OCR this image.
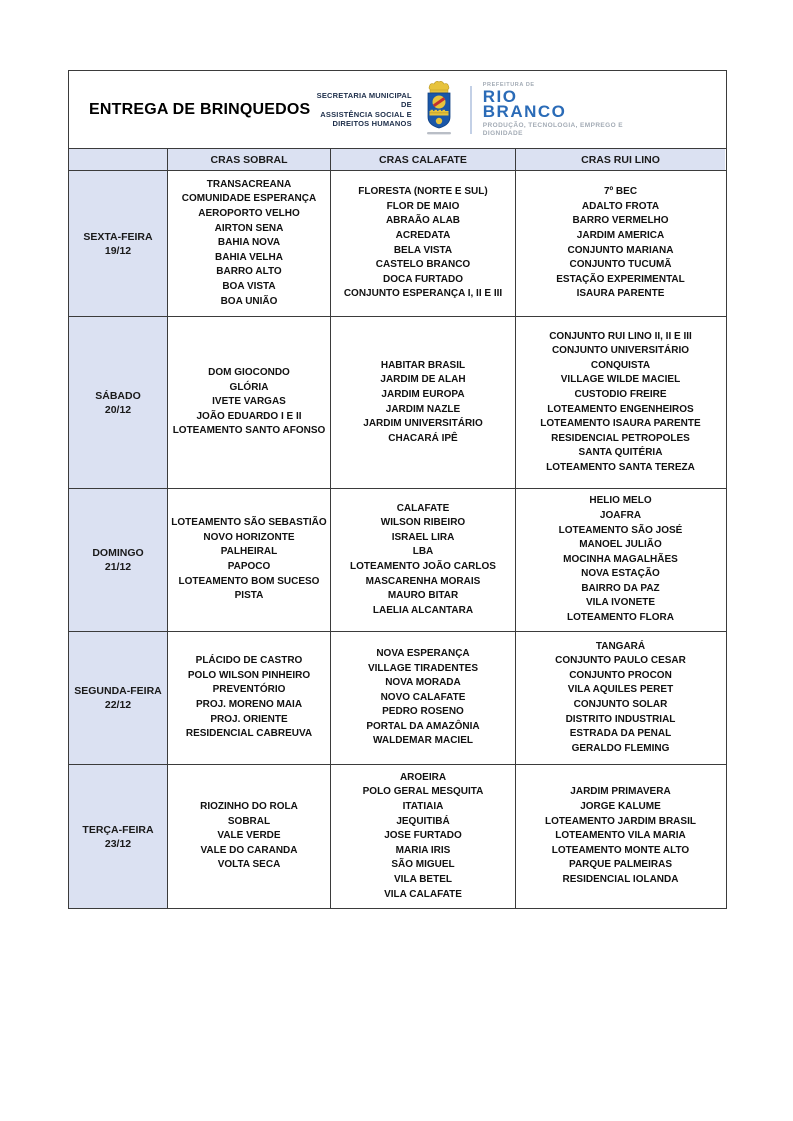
ENTREGA DE BRINQUEDOS
SECRETARIA MUNICIPAL DE
ASSISTÊNCIA SOCIAL E
DIREITOS HUMANOS
PREFEITURA DE
RIO
BRANCO
PRODUÇÃO, TECNOLOGIA, EMPREGO E DIGNIDADE
CRAS SOBRAL	CRAS CALAFATE	CRAS RUI LINO
SEXTA-FEIRA
19/12
TRANSACREANA
COMUNIDADE ESPERANÇA
AEROPORTO VELHO
AIRTON SENA
BAHIA NOVA
BAHIA VELHA
BARRO ALTO
BOA VISTA
BOA UNIÃO
FLORESTA (NORTE E SUL)
FLOR DE MAIO
ABRAÃO ALAB
ACREDATA
BELA VISTA
CASTELO BRANCO
DOCA FURTADO
CONJUNTO ESPERANÇA I, II E III
7º BEC
ADALTO FROTA
BARRO VERMELHO
JARDIM AMERICA
CONJUNTO MARIANA
CONJUNTO TUCUMÃ
ESTAÇÃO EXPERIMENTAL
ISAURA PARENTE
SÁBADO
20/12
DOM GIOCONDO
GLÓRIA
IVETE VARGAS
JOÃO EDUARDO I E II
LOTEAMENTO SANTO AFONSO
HABITAR BRASIL
JARDIM DE ALAH
JARDIM EUROPA
JARDIM NAZLE
JARDIM UNIVERSITÁRIO
CHACARÁ IPÊ
CONJUNTO RUI LINO II, II E III
CONJUNTO UNIVERSITÁRIO
CONQUISTA
VILLAGE WILDE MACIEL
CUSTODIO FREIRE
LOTEAMENTO ENGENHEIROS
LOTEAMENTO ISAURA PARENTE
RESIDENCIAL PETROPOLES
SANTA QUITÉRIA
LOTEAMENTO SANTA TEREZA
DOMINGO
21/12
LOTEAMENTO SÃO SEBASTIÃO
NOVO HORIZONTE
PALHEIRAL
PAPOCO
LOTEAMENTO BOM SUCESO
PISTA
CALAFATE
WILSON RIBEIRO
ISRAEL LIRA
LBA
LOTEAMENTO JOÃO CARLOS
MASCARENHA MORAIS
MAURO BITAR
LAELIA ALCANTARA
HELIO MELO
JOAFRA
LOTEAMENTO SÃO JOSÉ
MANOEL JULIÃO
MOCINHA MAGALHÃES
NOVA ESTAÇÃO
BAIRRO DA PAZ
VILA IVONETE
LOTEAMENTO FLORA
SEGUNDA-FEIRA
22/12
PLÁCIDO DE CASTRO
POLO WILSON PINHEIRO
PREVENTÓRIO
PROJ. MORENO MAIA
PROJ. ORIENTE
RESIDENCIAL CABREUVA
NOVA ESPERANÇA
VILLAGE TIRADENTES
NOVA MORADA
NOVO CALAFATE
PEDRO ROSENO
PORTAL DA AMAZÔNIA
WALDEMAR MACIEL
TANGARÁ
CONJUNTO PAULO CESAR
CONJUNTO PROCON
VILA AQUILES PERET
CONJUNTO SOLAR
DISTRITO INDUSTRIAL
ESTRADA DA PENAL
GERALDO FLEMING
TERÇA-FEIRA
23/12
RIOZINHO DO ROLA
SOBRAL
VALE VERDE
VALE DO CARANDA
VOLTA SECA
AROEIRA
POLO GERAL MESQUITA
ITATIAIA
JEQUITIBÁ
JOSE FURTADO
MARIA IRIS
SÃO MIGUEL
VILA BETEL
VILA CALAFATE
JARDIM PRIMAVERA
JORGE KALUME
LOTEAMENTO JARDIM BRASIL
LOTEAMENTO VILA MARIA
LOTEAMENTO MONTE ALTO
PARQUE PALMEIRAS
RESIDENCIAL IOLANDA
